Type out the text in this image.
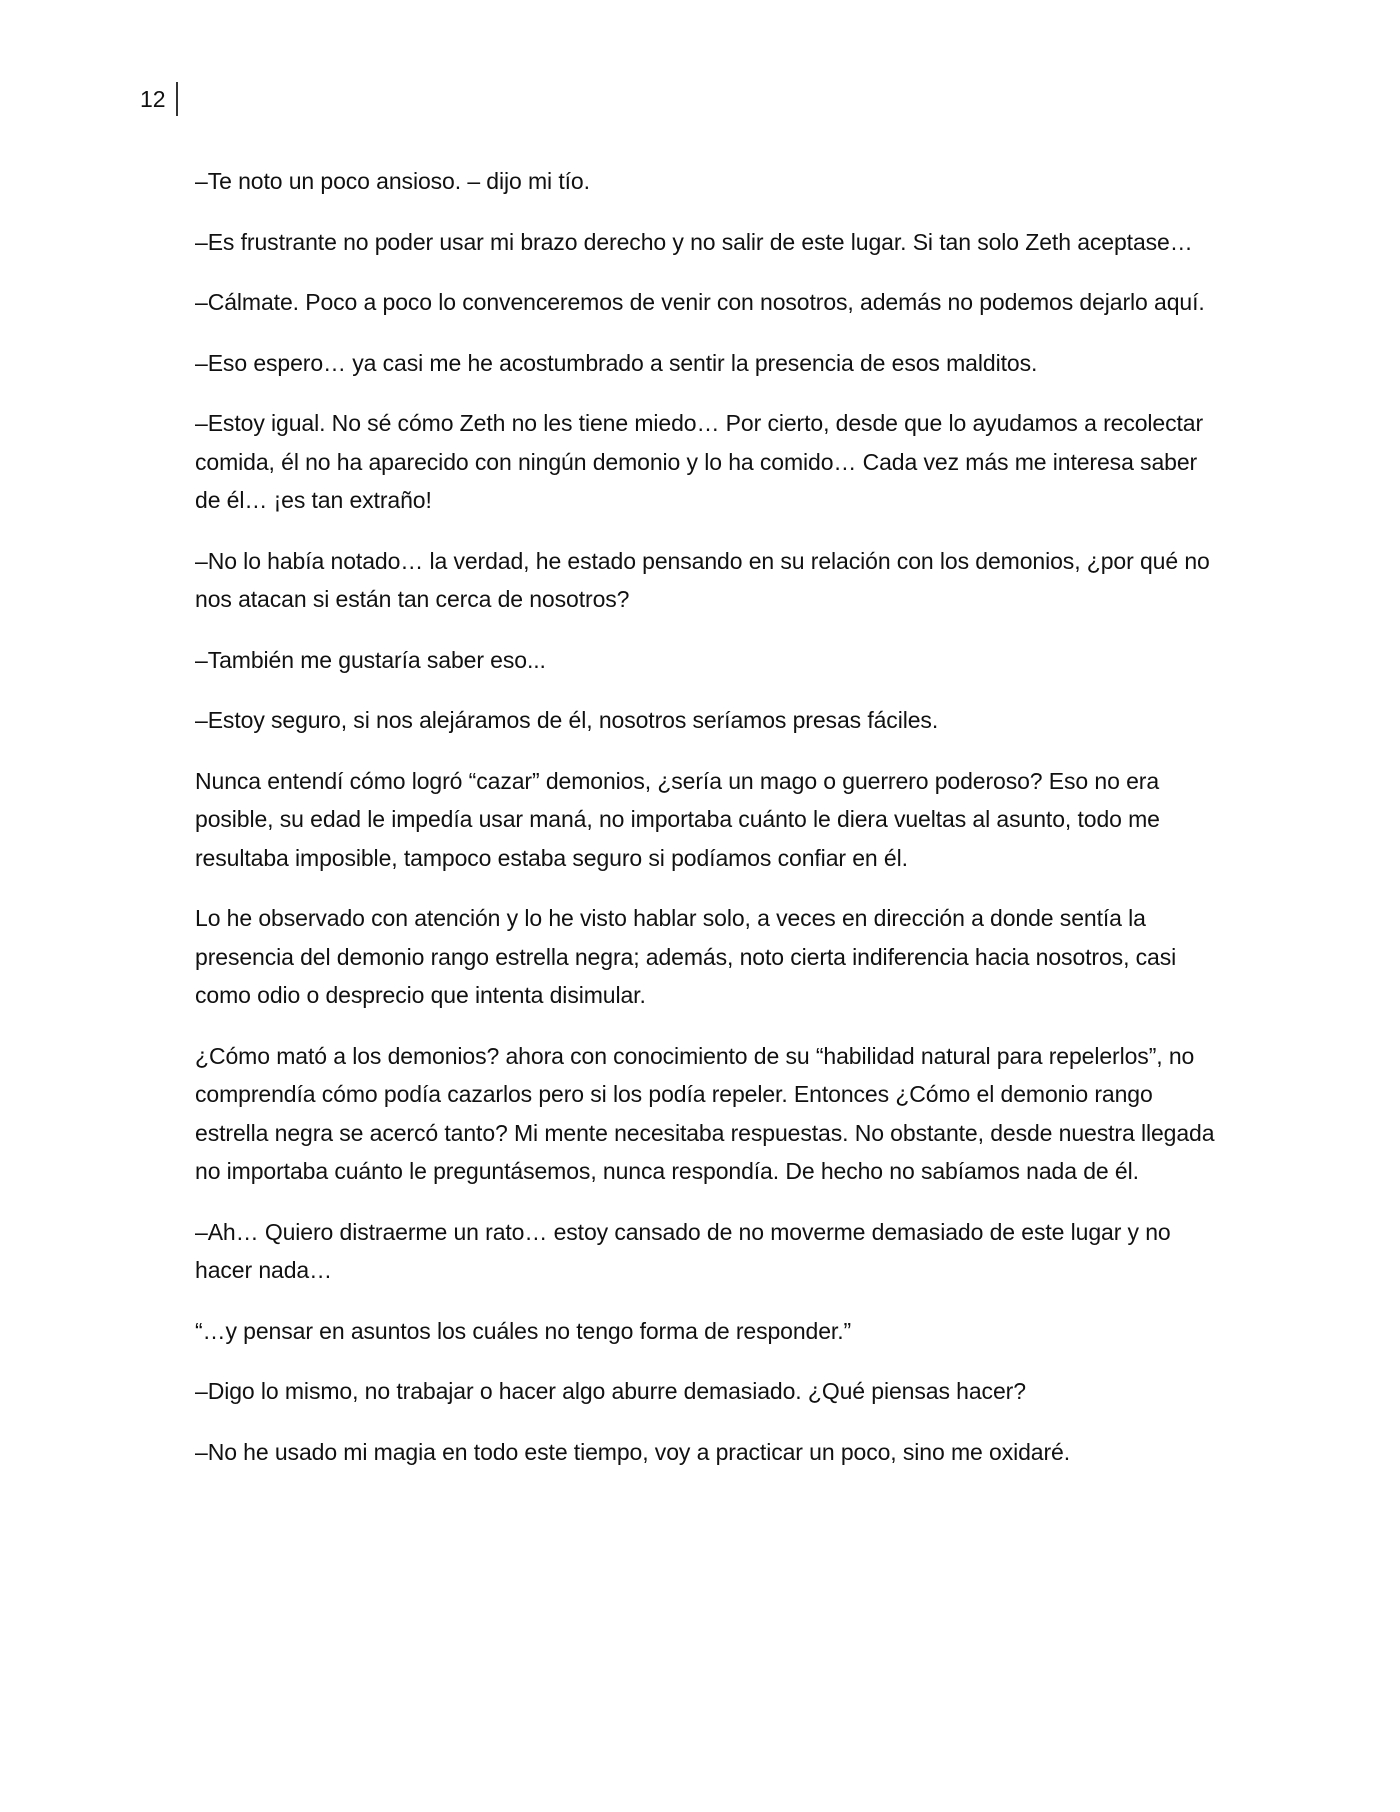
12

–Te noto un poco ansioso. – dijo mi tío.

–Es frustrante no poder usar mi brazo derecho y no salir de este lugar. Si tan solo Zeth aceptase…

–Cálmate. Poco a poco lo convenceremos de venir con nosotros, además no podemos dejarlo aquí.

–Eso espero… ya casi me he acostumbrado a sentir la presencia de esos malditos.

–Estoy igual. No sé cómo Zeth no les tiene miedo… Por cierto, desde que lo ayudamos a recolectar comida, él no ha aparecido con ningún demonio y lo ha comido… Cada vez más me interesa saber de él… ¡es tan extraño!

–No lo había notado… la verdad, he estado pensando en su relación con los demonios, ¿por qué no nos atacan si están tan cerca de nosotros?

–También me gustaría saber eso...

–Estoy seguro, si nos alejáramos de él, nosotros seríamos presas fáciles.

Nunca entendí cómo logró “cazar” demonios, ¿sería un mago o guerrero poderoso? Eso no era posible, su edad le impedía usar maná, no importaba cuánto le diera vueltas al asunto, todo me resultaba imposible, tampoco estaba seguro si podíamos confiar en él.

Lo he observado con atención y lo he visto hablar solo, a veces en dirección a donde sentía la presencia del demonio rango estrella negra; además, noto cierta indiferencia hacia nosotros, casi como odio o desprecio que intenta disimular.

¿Cómo mató a los demonios? ahora con conocimiento de su “habilidad natural para repelerlos”, no comprendía cómo podía cazarlos pero si los podía repeler. Entonces ¿Cómo el demonio rango estrella negra se acercó tanto? Mi mente necesitaba respuestas. No obstante, desde nuestra llegada no importaba cuánto le preguntásemos, nunca respondía. De hecho no sabíamos nada de él.

–Ah… Quiero distraerme un rato… estoy cansado de no moverme demasiado de este lugar y no hacer nada…

“…y pensar en asuntos los cuáles no tengo forma de responder.”

–Digo lo mismo, no trabajar o hacer algo aburre demasiado. ¿Qué piensas hacer?

–No he usado mi magia en todo este tiempo, voy a practicar un poco, sino me oxidaré.
